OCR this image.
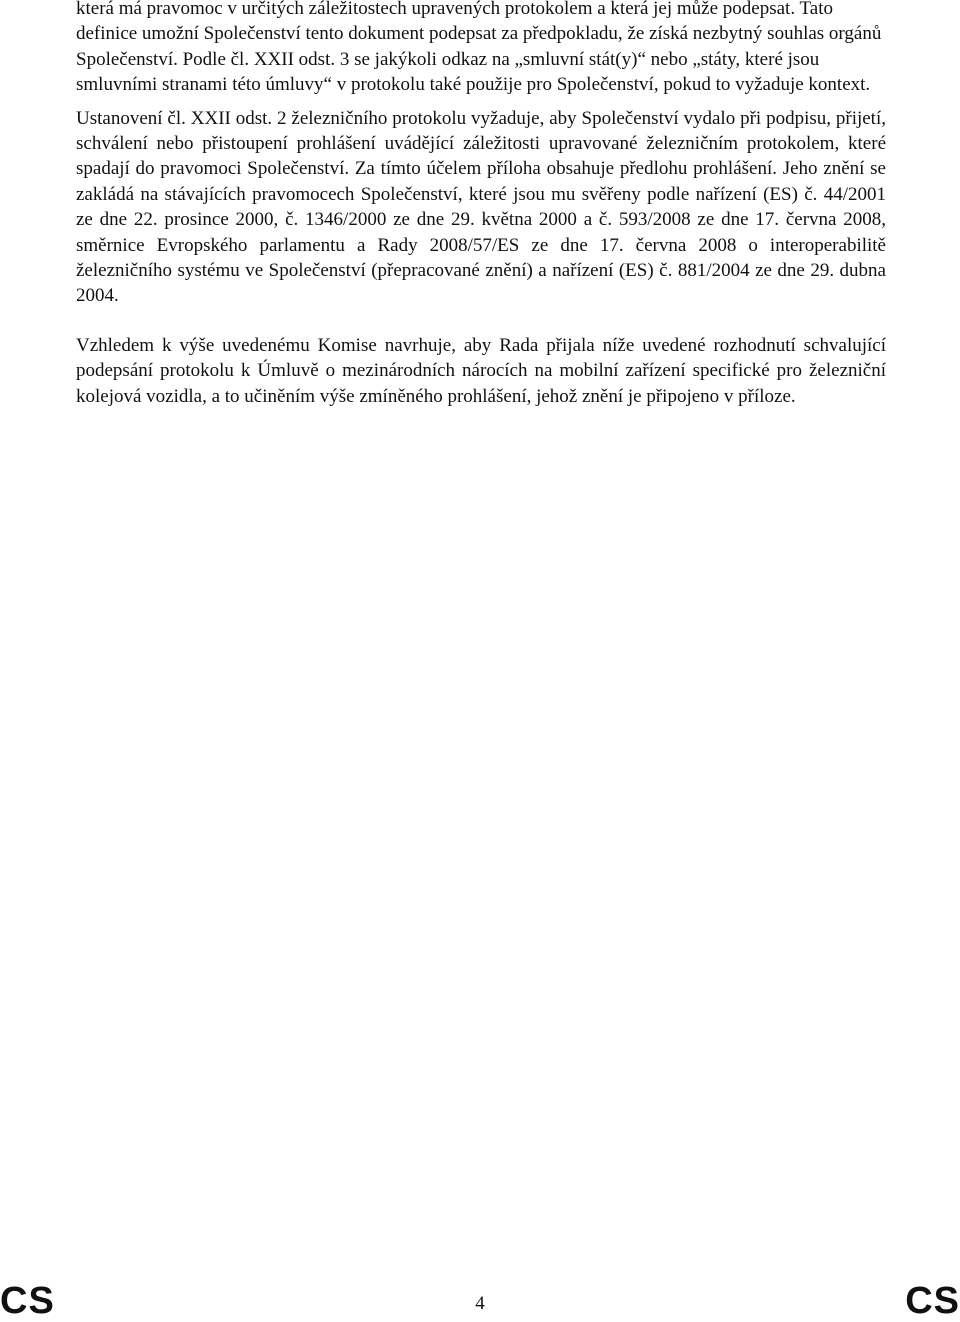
která má pravomoc v určitých záležitostech upravených protokolem a která jej může podepsat. Tato definice umožní Společenství tento dokument podepsat za předpokladu, že získá nezbytný souhlas orgánů Společenství. Podle čl. XXII odst. 3 se jakýkoli odkaz na „smluvní stát(y)“ nebo „státy, které jsou smluvními stranami této úmluvy“ v protokolu také použije pro Společenství, pokud to vyžaduje kontext.

Ustanovení čl. XXII odst. 2 železničního protokolu vyžaduje, aby Společenství vydalo při podpisu, přijetí, schválení nebo přistoupení prohlášení uvádějící záležitosti upravované železničním protokolem, které spadají do pravomoci Společenství. Za tímto účelem příloha obsahuje předlohu prohlášení. Jeho znění se zakládá na stávajících pravomocech Společenství, které jsou mu svěřeny podle nařízení (ES) č. 44/2001 ze dne 22. prosince 2000, č. 1346/2000 ze dne 29. května 2000 a č. 593/2008 ze dne 17. června 2008, směrnice Evropského parlamentu a Rady 2008/57/ES ze dne 17. června 2008 o interoperabilitě železničního systému ve Společenství (přepracované znění) a nařízení (ES) č. 881/2004 ze dne 29. dubna 2004.

Vzhledem k výše uvedenému Komise navrhuje, aby Rada přijala níže uvedené rozhodnutí schvalující podepsání protokolu k Úmluvě o mezinárodních nárocích na mobilní zařízení specifické pro železniční kolejová vozidla, a to učiněním výše zmíněného prohlášení, jehož znění je připojeno v příloze.

CS	4	CS
